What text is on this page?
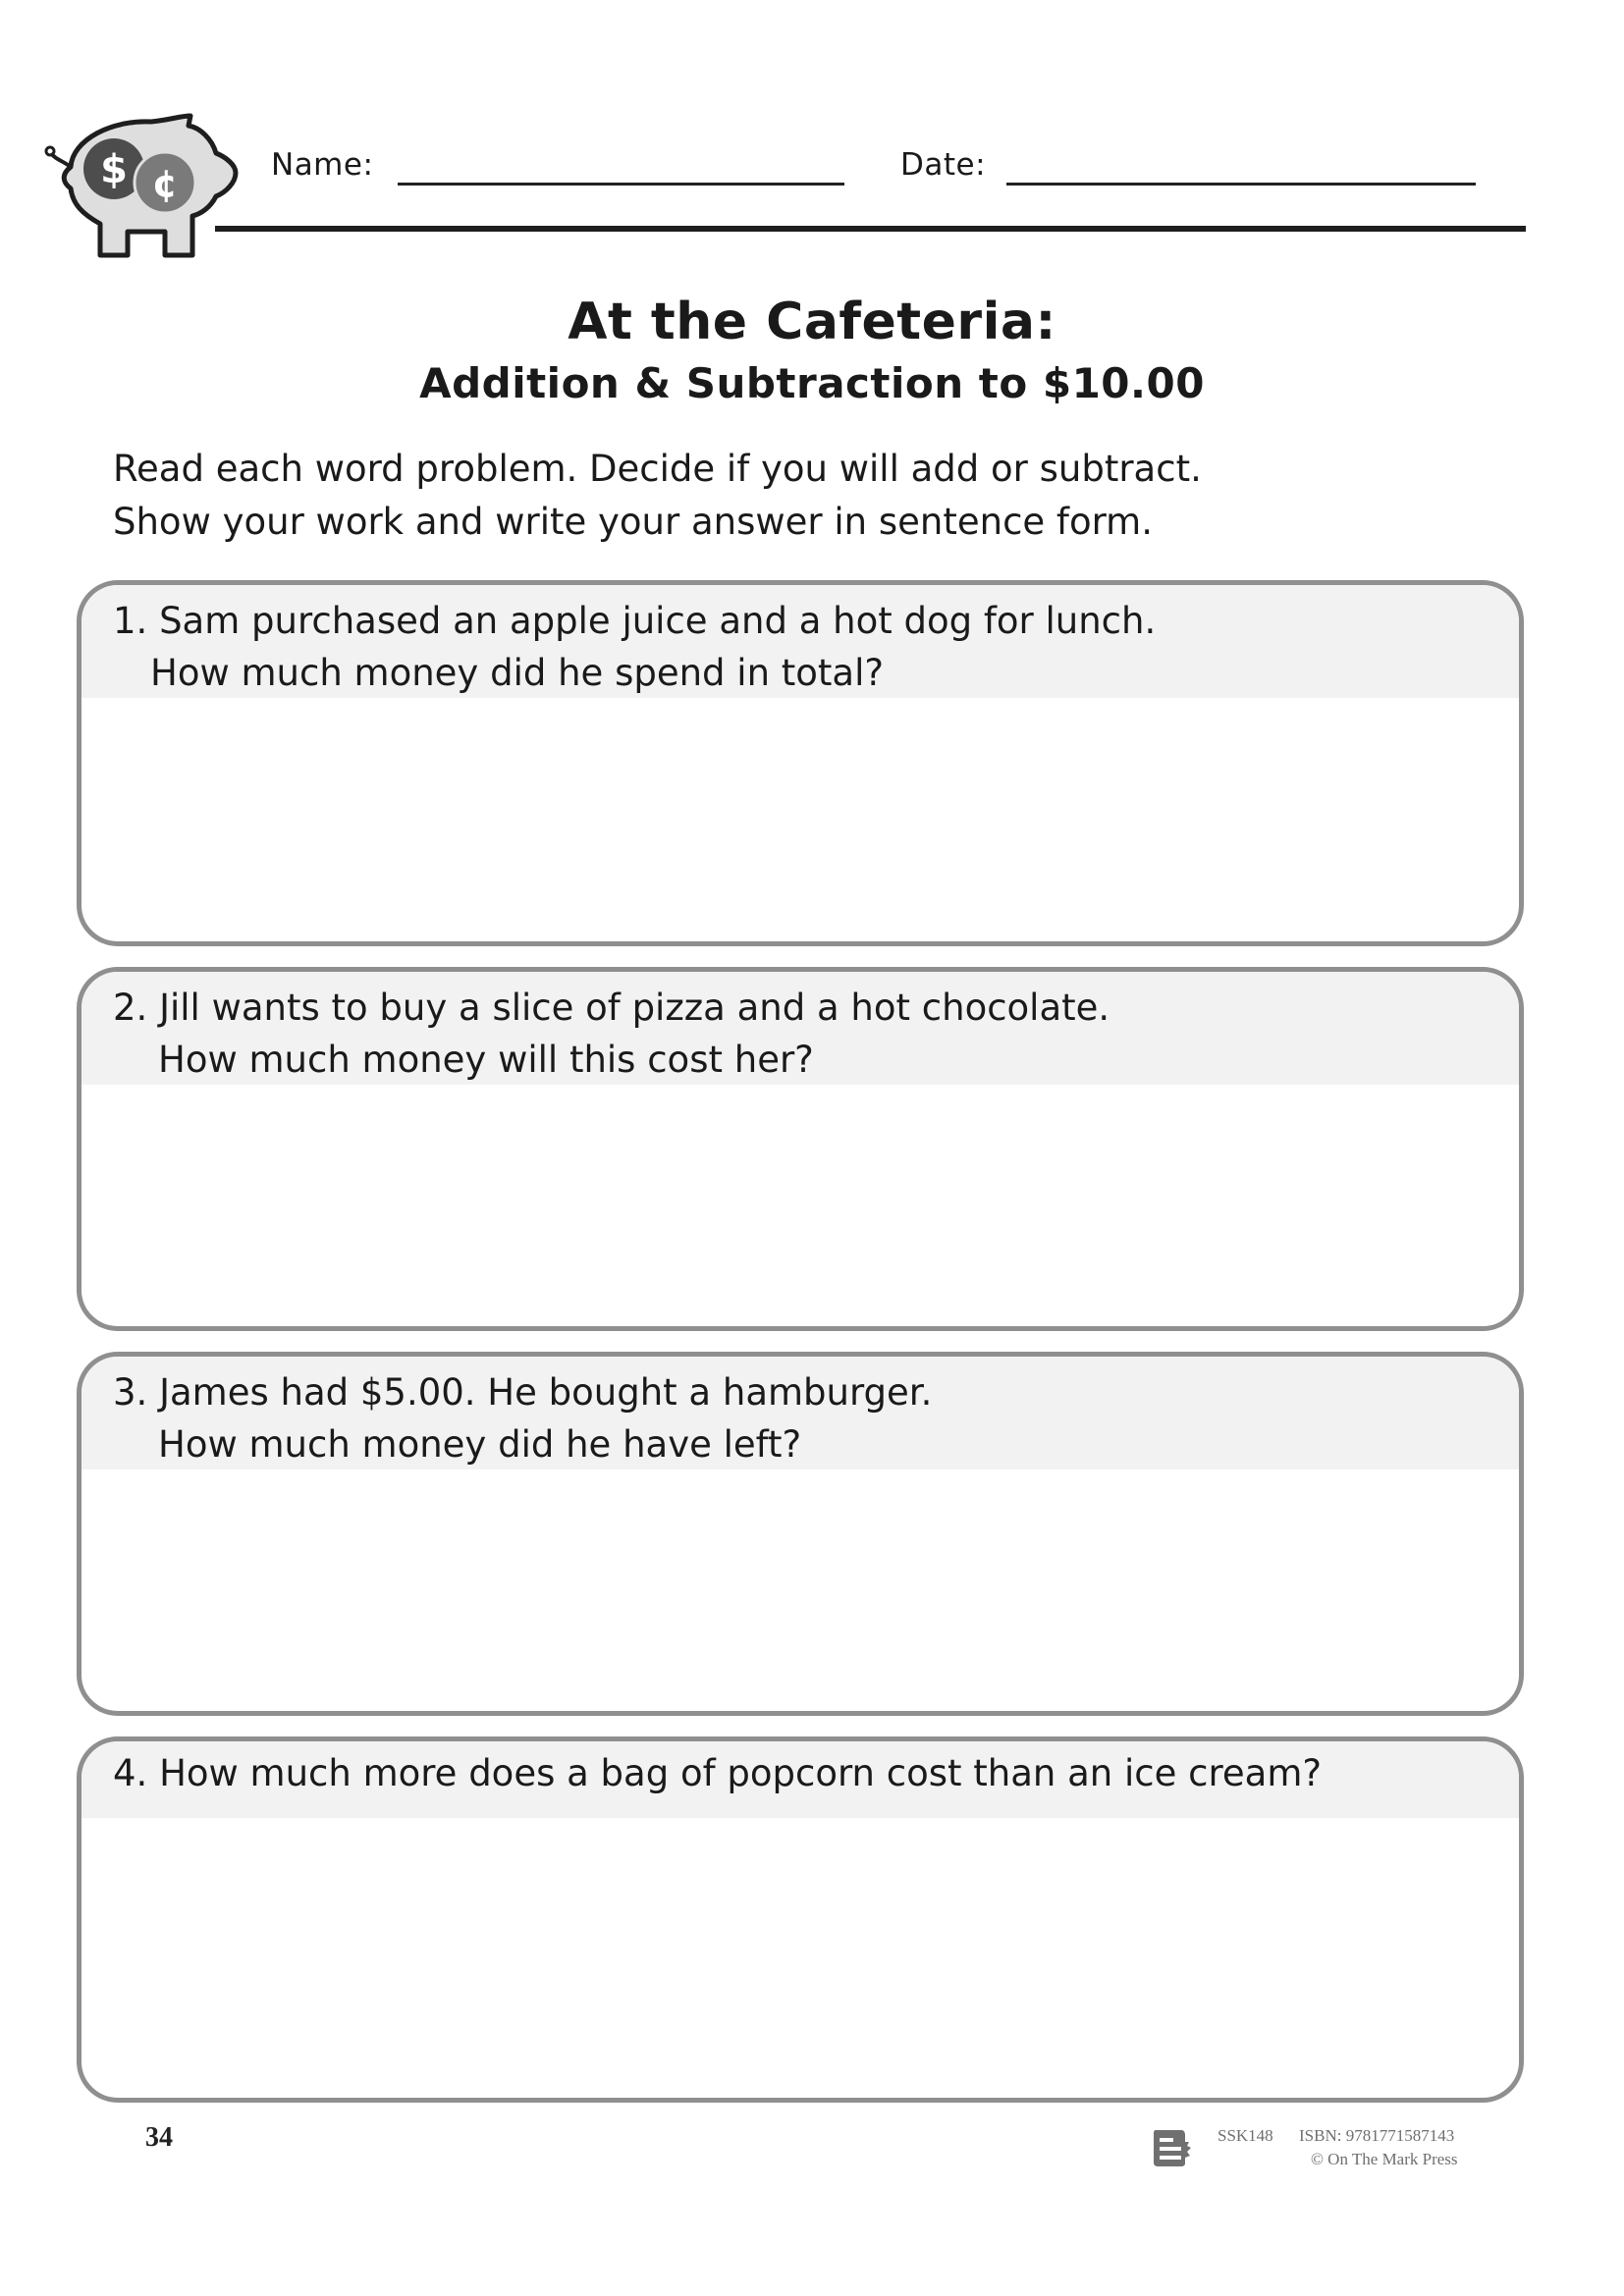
$ ¢	Name:	Date:
At the Cafeteria:
Addition & Subtraction to $10.00
Read each word problem. Decide if you will add or subtract.
Show your work and write your answer in sentence form.
1. Sam purchased an apple juice and a hot dog for lunch.
How much money did he spend in total?
2. Jill wants to buy a slice of pizza and a hot chocolate.
How much money will this cost her?
3. James had $5.00. He bought a hamburger.
How much money did he have left?
4. How much more does a bag of popcorn cost than an ice cream?
34	SSK148 ISBN: 9781771587143
© On The Mark Press
